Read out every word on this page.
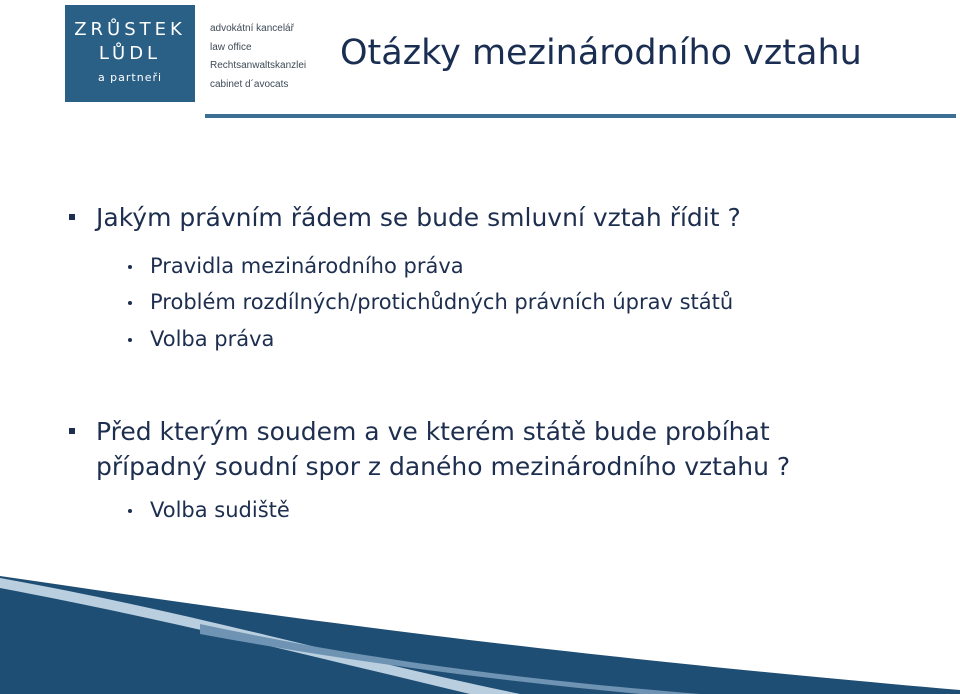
ZRŮSTEK
LŮDL
a partneři
advokátní kancelář
law office
Rechtsanwaltskanzlei
cabinet d´avocats
Otázky mezinárodního vztahu
Jakým právním řádem se bude smluvní vztah řídit ?
Pravidla mezinárodního práva
Problém rozdílných/protichůdných právních úprav států
Volba práva
Před kterým soudem a ve kterém státě bude probíhat
případný soudní spor z daného mezinárodního vztahu ?
Volba sudiště
